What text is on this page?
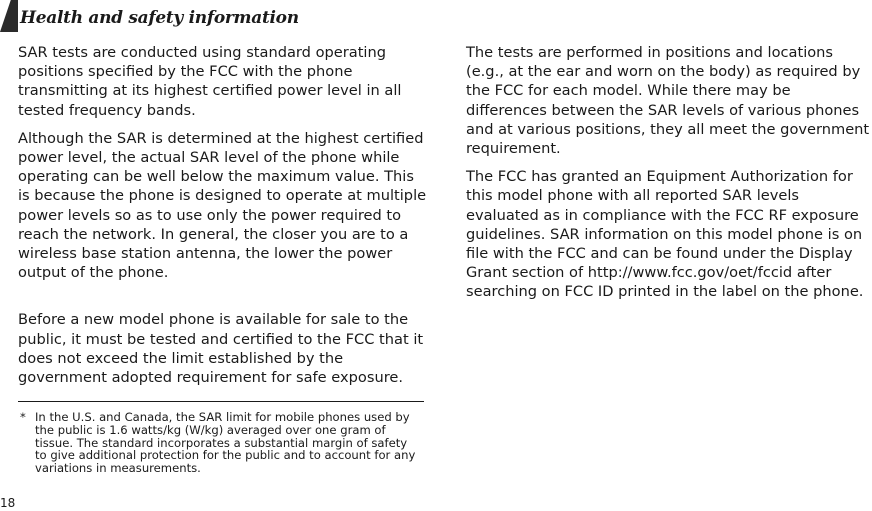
Health and safety information

SAR tests are conducted using standard operating positions specified by the FCC with the phone transmitting at its highest certified power level in all tested frequency bands.

Although the SAR is determined at the highest certified power level, the actual SAR level of the phone while operating can be well below the maximum value. This is because the phone is designed to operate at multiple power levels so as to use only the power required to reach the network. In general, the closer you are to a wireless base station antenna, the lower the power output of the phone.

Before a new model phone is available for sale to the public, it must be tested and certified to the FCC that it does not exceed the limit established by the government adopted requirement for safe exposure.

The tests are performed in positions and locations (e.g., at the ear and worn on the body) as required by the FCC for each model. While there may be differences between the SAR levels of various phones and at various positions, they all meet the government requirement.

The FCC has granted an Equipment Authorization for this model phone with all reported SAR levels evaluated as in compliance with the FCC RF exposure guidelines. SAR information on this model phone is on file with the FCC and can be found under the Display Grant section of http://www.fcc.gov/oet/fccid after searching on FCC ID printed in the label on the phone.

* In the U.S. and Canada, the SAR limit for mobile phones used by the public is 1.6 watts/kg (W/kg) averaged over one gram of tissue. The standard incorporates a substantial margin of safety to give additional protection for the public and to account for any variations in measurements.
18
